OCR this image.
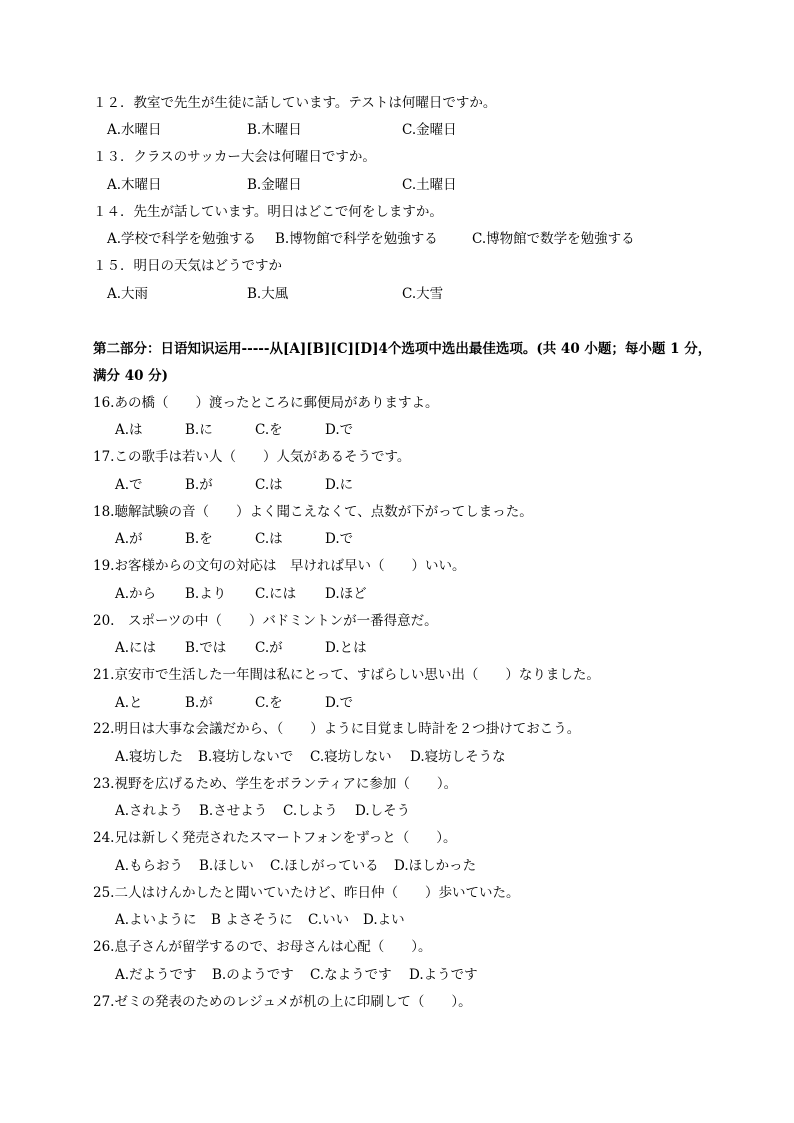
１２．教室で先生が生徒に話しています。テストは何曜日ですか。
A.水曜日	B.木曜日	C.金曜日
１３．クラスのサッカー大会は何曜日ですか。
A.木曜日	B.金曜日	C.土曜日
１４．先生が話しています。明日はどこで何をしますか。
A.学校で科学を勉強する B.博物館で科学を勉強する	C.博物館で数学を勉強する
１５．明日の天気はどうですか
A.大雨	B.大風	C.大雪
第二部分：日语知识运用-----从[A][B][C][D]4个选项中选出最佳选项。(共 40 小题；每小题 1 分，
满分 40 分)
16.あの橋（　　）渡ったところに郵便局がありますよ。
A.は	B.に	C.を	D.で
17.この歌手は若い人（　　）人気があるそうです。
A.で	B.が	C.は	D.に
18.聴解試験の音（　　）よく聞こえなくて、点数が下がってしまった。
A.が	B.を	C.は	D.で
19.お客様からの文句の対応は　早ければ早い（　　）いい。
A.から B.より C.には D.ほど
20.　スポーツの中（　　）バドミントンが一番得意だ。
A.には B.では C.が	D.とは
21.京安市で生活した一年間は私にとって、すばらしい思い出（　　）なりました。
A.と	B.が	C.を	D.で
22.明日は大事な会議だから、（　　）ように目覚まし時計を２つ掛けておこう。
A.寝坊した B.寝坊しないで C.寝坊しない D.寝坊しそうな
23.視野を広げるため、学生をボランティアに参加（　　）。
A.されよう B.させよう C.しよう D.しそう
24.兄は新しく発売されたスマートフォンをずっと（　　）。
A.もらおう B.ほしい C.ほしがっている D.ほしかった
25.二人はけんかしたと聞いていたけど、昨日仲（　　）歩いていた。
A.よいように B よさそうに C.いい D.よい
26.息子さんが留学するので、お母さんは心配（　　）。
A.だようです B.のようです C.なようです D.ようです
27.ゼミの発表のためのレジュメが机の上に印刷して（　　）。
